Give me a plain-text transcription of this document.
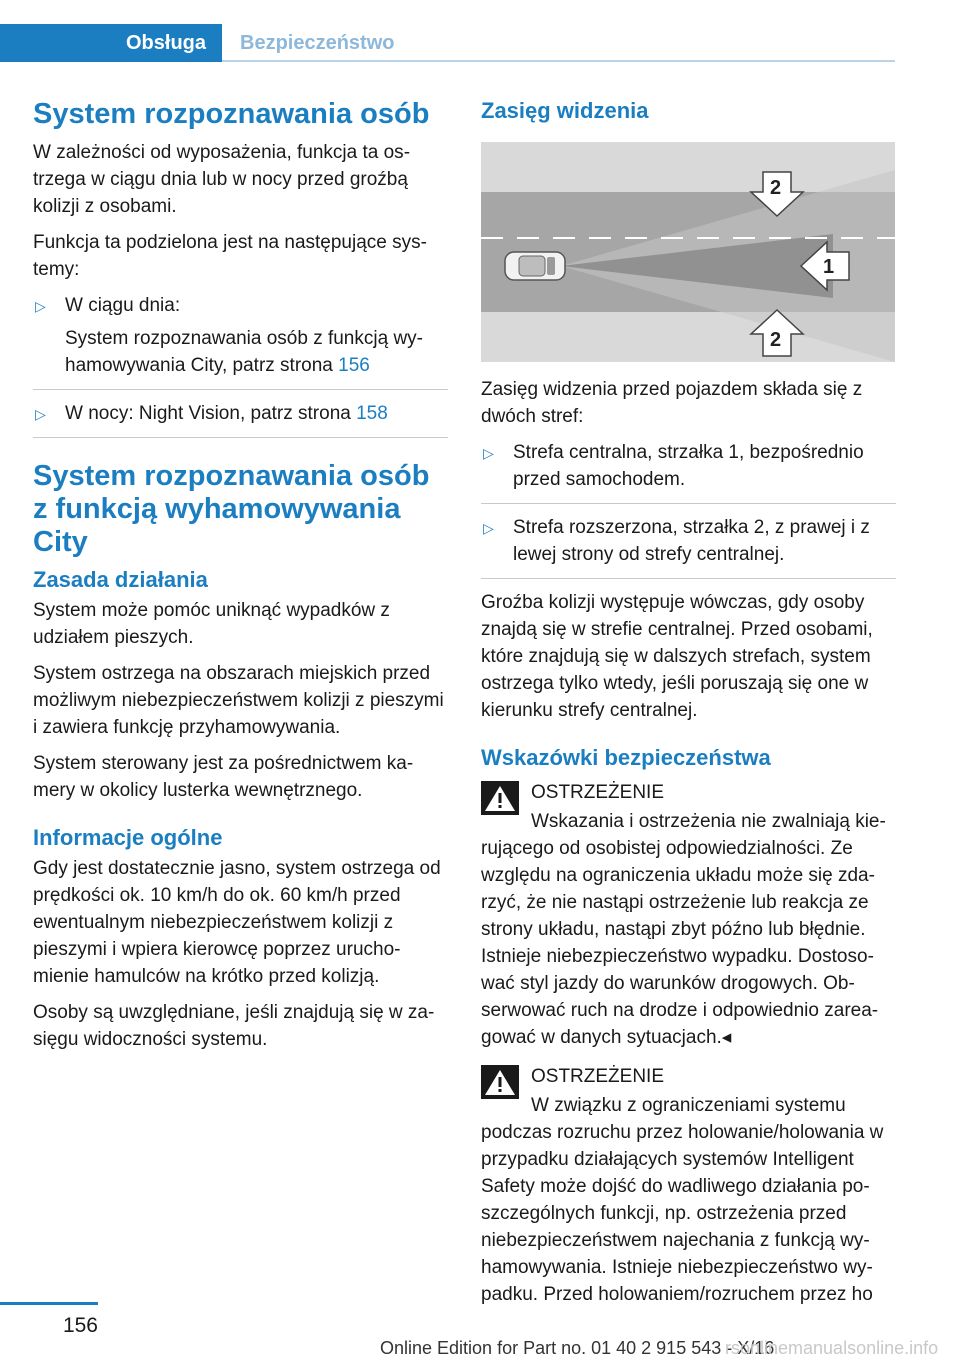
Obsługa	Bezpieczeństwo
System rozpoznawania osób

W zależności od wyposażenia, funkcja ta ostrzega w ciągu dnia lub w nocy przed groźbą kolizji z osobami.

Funkcja ta podzielona jest na następujące systemy:

▷ W ciągu dnia:
System rozpoznawania osób z funkcją wyhamowywania City, patrz strona 156
▷ W nocy: Night Vision, patrz strona 158
System rozpoznawania osób z funkcją wyhamowywania City
Zasada działania

System może pomóc uniknąć wypadków z udziałem pieszych.

System ostrzega na obszarach miejskich przed możliwym niebezpieczeństwem kolizji z pieszymi i zawiera funkcję przyhamowywania.

System sterowany jest za pośrednictwem kamery w okolicy lusterka wewnętrznego.

Informacje ogólne

Gdy jest dostatecznie jasno, system ostrzega od prędkości ok. 10 km/h do ok. 60 km/h przed ewentualnym niebezpieczeństwem kolizji z pieszymi i wpiera kierowcę poprzez uruchomienie hamulców na krótko przed kolizją.

Osoby są uwzględniane, jeśli znajdują się w zasięgu widoczności systemu.

Zasięg widzenia
1
2
2

Zasięg widzenia przed pojazdem składa się z dwóch stref:

▷ Strefa centralna, strzałka 1, bezpośrednio przed samochodem.
▷ Strefa rozszerzona, strzałka 2, z prawej i z lewej strony od strefy centralnej.

Groźba kolizji występuje wówczas, gdy osoby znajdą się w strefie centralnej. Przed osobami, które znajdują się w dalszych strefach, system ostrzega tylko wtedy, jeśli poruszają się one w kierunku strefy centralnej.

Wskazówki bezpieczeństwa

OSTRZEŻENIE

Wskazania i ostrzeżenia nie zwalniają kierującego od osobistej odpowiedzialności. Ze względu na ograniczenia układu może się zdarzyć, że nie nastąpi ostrzeżenie lub reakcja ze strony układu, nastąpi zbyt późno lub błędnie. Istnieje niebezpieczeństwo wypadku. Dostosować styl jazdy do warunków drogowych. Obserwować ruch na drodze i odpowiednio zareagować w danych sytuacjach.◂

OSTRZEŻENIE

W związku z ograniczeniami systemu podczas rozruchu przez holowanie/holowania w przypadku działających systemów Intelligent Safety może dojść do wadliwego działania poszczególnych funkcji, np. ostrzeżenia przed niebezpieczeństwem najechania z funkcją wyhamowywania. Istnieje niebezpieczeństwo wypadku. Przed holowaniem/rozruchem przez ho

156
Online Edition for Part no. 01 40 2 915 543 - X/16
rsonlinemanualsonline.info
